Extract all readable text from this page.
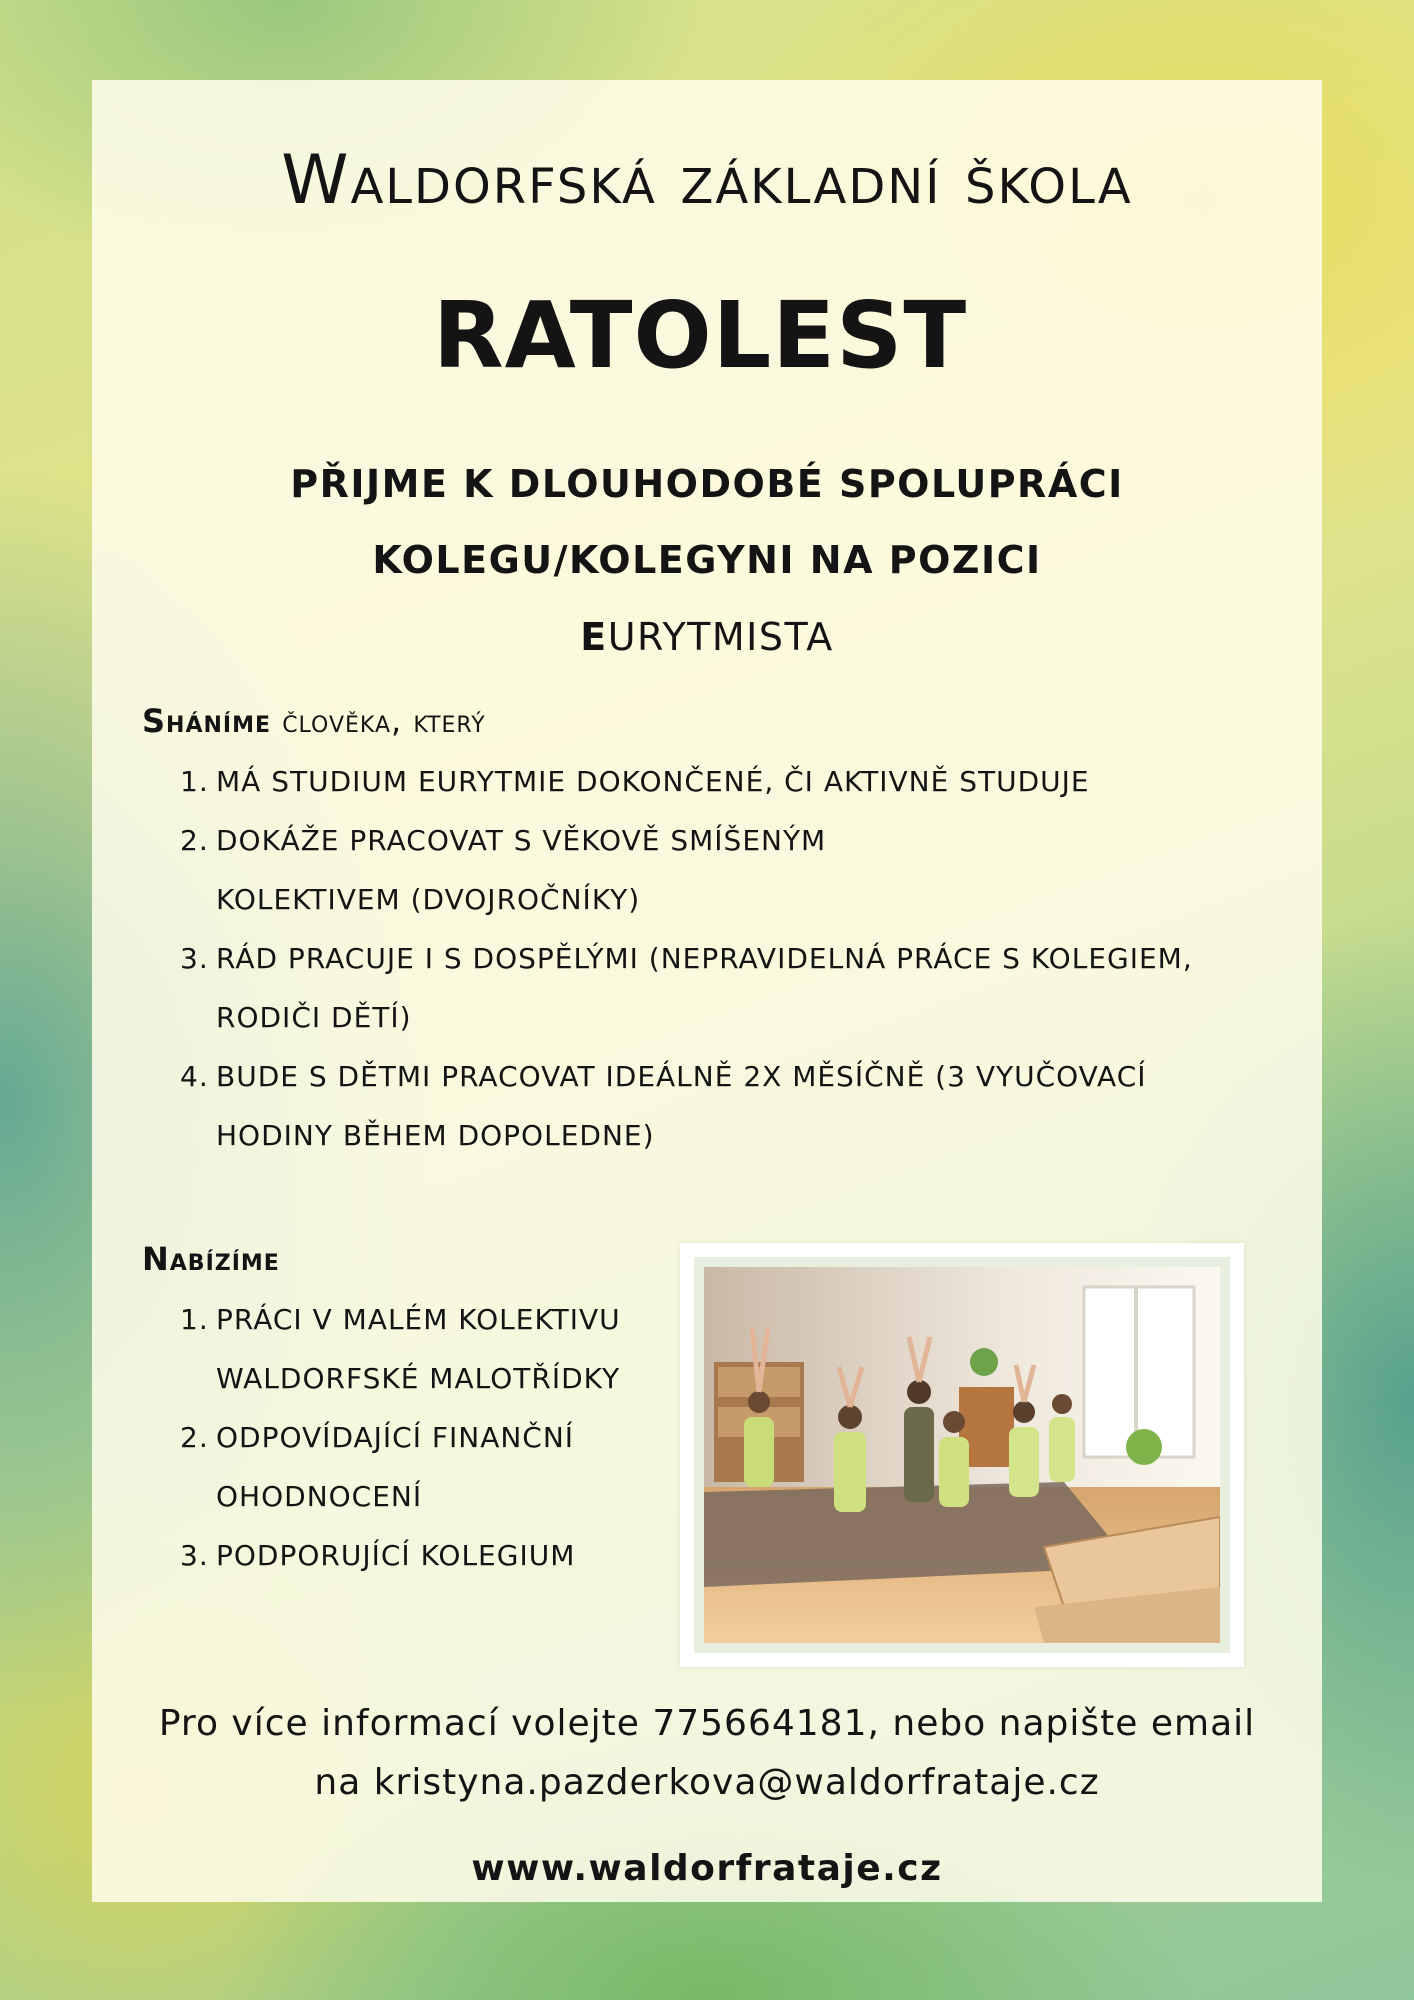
Waldorfská základní škola
RATOLEST

PŘIJME K DLOUHODOBÉ SPOLUPRÁCI

KOLEGU/KOLEGYNI NA POZICI

EURYTMISTA

Sháníme člověka, který

1. MÁ STUDIUM EURYTMIE DOKONČENÉ, ČI AKTIVNĚ STUDUJE
2. DOKÁŽE PRACOVAT S VĚKOVĚ SMÍŠENÝM KOLEKTIVEM (DVOJROČNÍKY)
3. RÁD PRACUJE I S DOSPĚLÝMI (NEPRAVIDELNÁ PRÁCE S KOLEGIEM, RODIČI DĚTÍ)
4. BUDE S DĚTMI PRACOVAT IDEÁLNĚ 2X MĚSÍČNĚ (3 VYUČOVACÍ HODINY BĚHEM DOPOLEDNE)

Nabízíme

1. PRÁCI V MALÉM KOLEKTIVU WALDORFSKÉ MALOTŘÍDKY
2. ODPOVÍDAJÍCÍ FINANČNÍ OHODNOCENÍ
3. PODPORUJÍCÍ KOLEGIUM

Pro více informací volejte 775664181, nebo napište email

na kristyna.pazderkova@waldorfrataje.cz

www.waldorfrataje.cz
